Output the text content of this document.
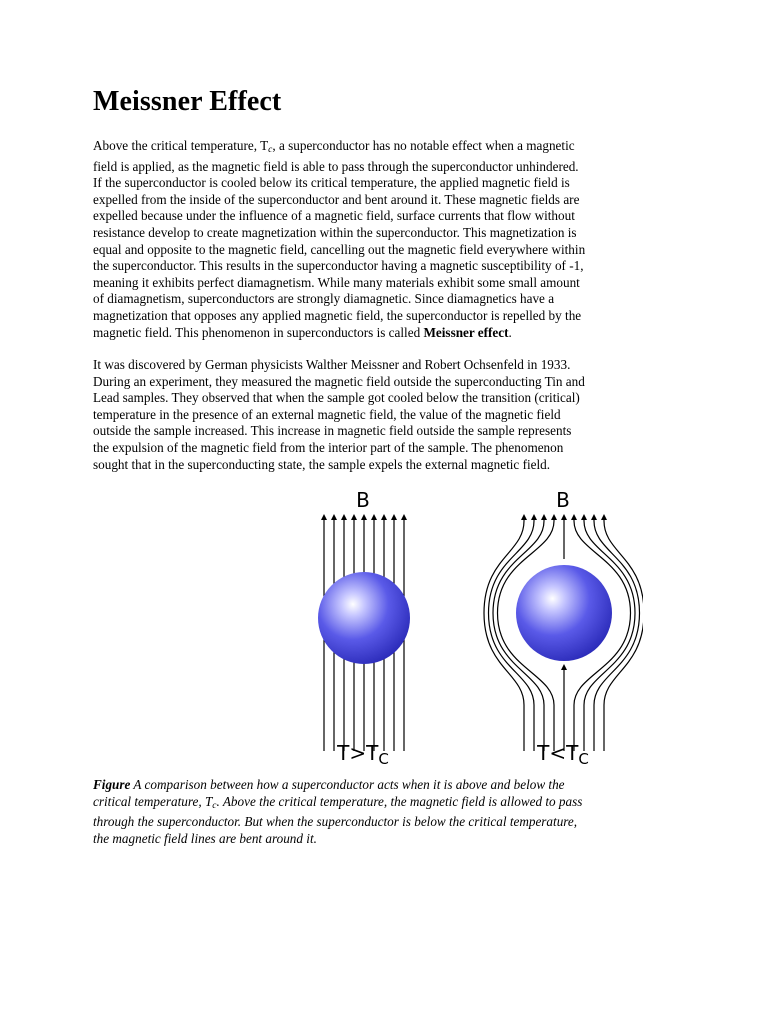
Meissner Effect
Above the critical temperature, $T_c$, a superconductor has no notable effect when a magnetic
field is applied, as the magnetic field is able to pass through the superconductor unhindered.
If the superconductor is cooled below its critical temperature, the applied magnetic field is
expelled from the inside of the superconductor and bent around it. These magnetic fields are
expelled because under the influence of a magnetic field, surface currents that flow without
resistance develop to create magnetization within the superconductor. This magnetization is
equal and opposite to the magnetic field, cancelling out the magnetic field everywhere within
the superconductor. This results in the superconductor having a magnetic susceptibility of -1,
meaning it exhibits perfect diamagnetism. While many materials exhibit some small amount
of diamagnetism, superconductors are strongly diamagnetic. Since diamagnetics have a
magnetization that opposes any applied magnetic field, the superconductor is repelled by the
magnetic field. This phenomenon in superconductors is called Meissner effect.
It was discovered by German physicists Walther Meissner and Robert Ochsenfeld in 1933.
During an experiment, they measured the magnetic field outside the superconducting Tin and
Lead samples. They observed that when the sample got cooled below the transition (critical)
temperature in the presence of an external magnetic field, the value of the magnetic field
outside the sample increased. This increase in magnetic field outside the sample represents
the expulsion of the magnetic field from the interior part of the sample. The phenomenon
sought that in the superconducting state, the sample expels the external magnetic field.
B
$T>T_C$
B
$T<T_C$
Figure A comparison between how a superconductor acts when it is above and below the
critical temperature, $T_c$. Above the critical temperature, the magnetic field is allowed to pass
through the superconductor. But when the superconductor is below the critical temperature,
the magnetic field lines are bent around it.
